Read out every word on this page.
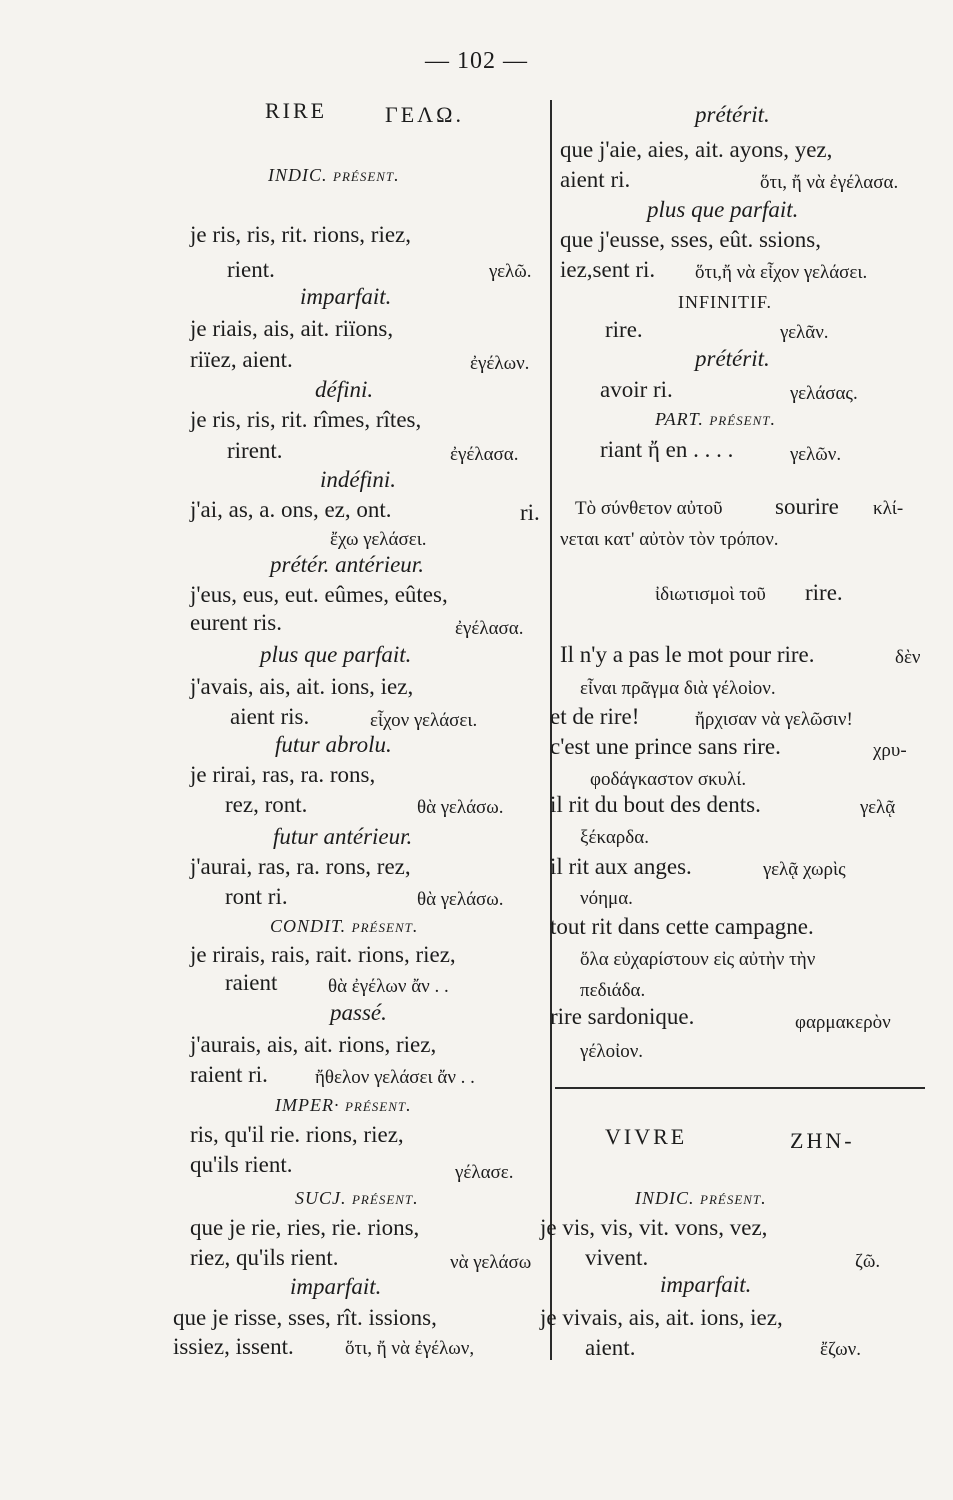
— 102 —
RIRE	ΓΕΛΩ.
INDIC. présent.
je ris, ris, rit. rions, riez,
rient.	γελῶ.
imparfait.
je riais, ais, ait. riïons,
riïez, aient.	ἐγέλων.
défini.
je ris, ris, rit. rîmes, rîtes,
rirent.	ἐγέλασα.
indéfini.
j'ai, as, a. ons, ez, ont.	ri.
ἔχω γελάσει.
prétér. antérieur.
j'eus, eus, eut. eûmes, eûtes,
eurent ris.	ἐγέλασα.
plus que parfait.
j'avais, ais, ait. ions, iez,
aient ris.	εἶχον γελάσει.
futur abrolu.
je rirai, ras, ra. rons,
rez, ront.	θὰ γελάσω.
futur antérieur.
j'aurai, ras, ra. rons, rez,
ront ri.	θὰ γελάσω.
CONDIT. présent.
je rirais, rais, rait. rions, riez,
raient	θὰ ἐγέλων ἄν . .
passé.
j'aurais, ais, ait. rions, riez,
raient ri. ἤθελον γελάσει ἄν . .
IMPER· présent.
ris, qu'il rie. rions, riez,
qu'ils rient.	γέλασε.
SUCJ. présent.
que je rie, ries, rie. rions,
riez, qu'ils rient.	νὰ γελάσω
imparfait.
que je risse, sses, rît. issions,
issiez, issent.	ὅτι, ἤ νὰ ἐγέλων,
prétérit.
que j'aie, aies, ait. ayons, yez,
aient ri.	ὅτι, ἤ νὰ ἐγέλασα.
plus que parfait.
que j'eusse, sses, eût. ssions,
iez,sent ri. ὅτι,ἤ νὰ εἶχον γελάσει.
INFINITIF.
rire.	γελᾶν.
prétérit.
avoir ri.	γελάσας.
PART. présent.
riant ἤ en . . . .	γελῶν.
Τὸ σύνθετον αὐτοῦ sourire κλί-
νεται κατ' αὐτὸν τὸν τρόπον.
ἰδιωτισμοὶ τοῦ rire.
Il n'y a pas le mot pour rire.	δὲν
εἶναι πρᾶγμα διὰ γέλοἰον.
et de rire!	ἤρχισαν νὰ γελῶσιν!
c'est une prince sans rire.	χρυ-
φοδάγκαστον σκυλί.
il rit du bout des dents.	γελᾷ
ξέκαρδα.
il rit aux anges.	γελᾷ χωρὶς
νόημα.
tout rit dans cette campagne.
ὅλα εὐχαρίστουν εἰς αὐτὴν τὴν
πεδιάδα.
rire sardonique.	φαρμακερὸν
γέλοἰον.
VIVRE	ΖΗΝ-
INDIC. présent.
je vis, vis, vit. vons, vez,
vivent.	ζῶ.
imparfait.
je vivais, ais, ait. ions, iez,
aient.	ἔζων.
